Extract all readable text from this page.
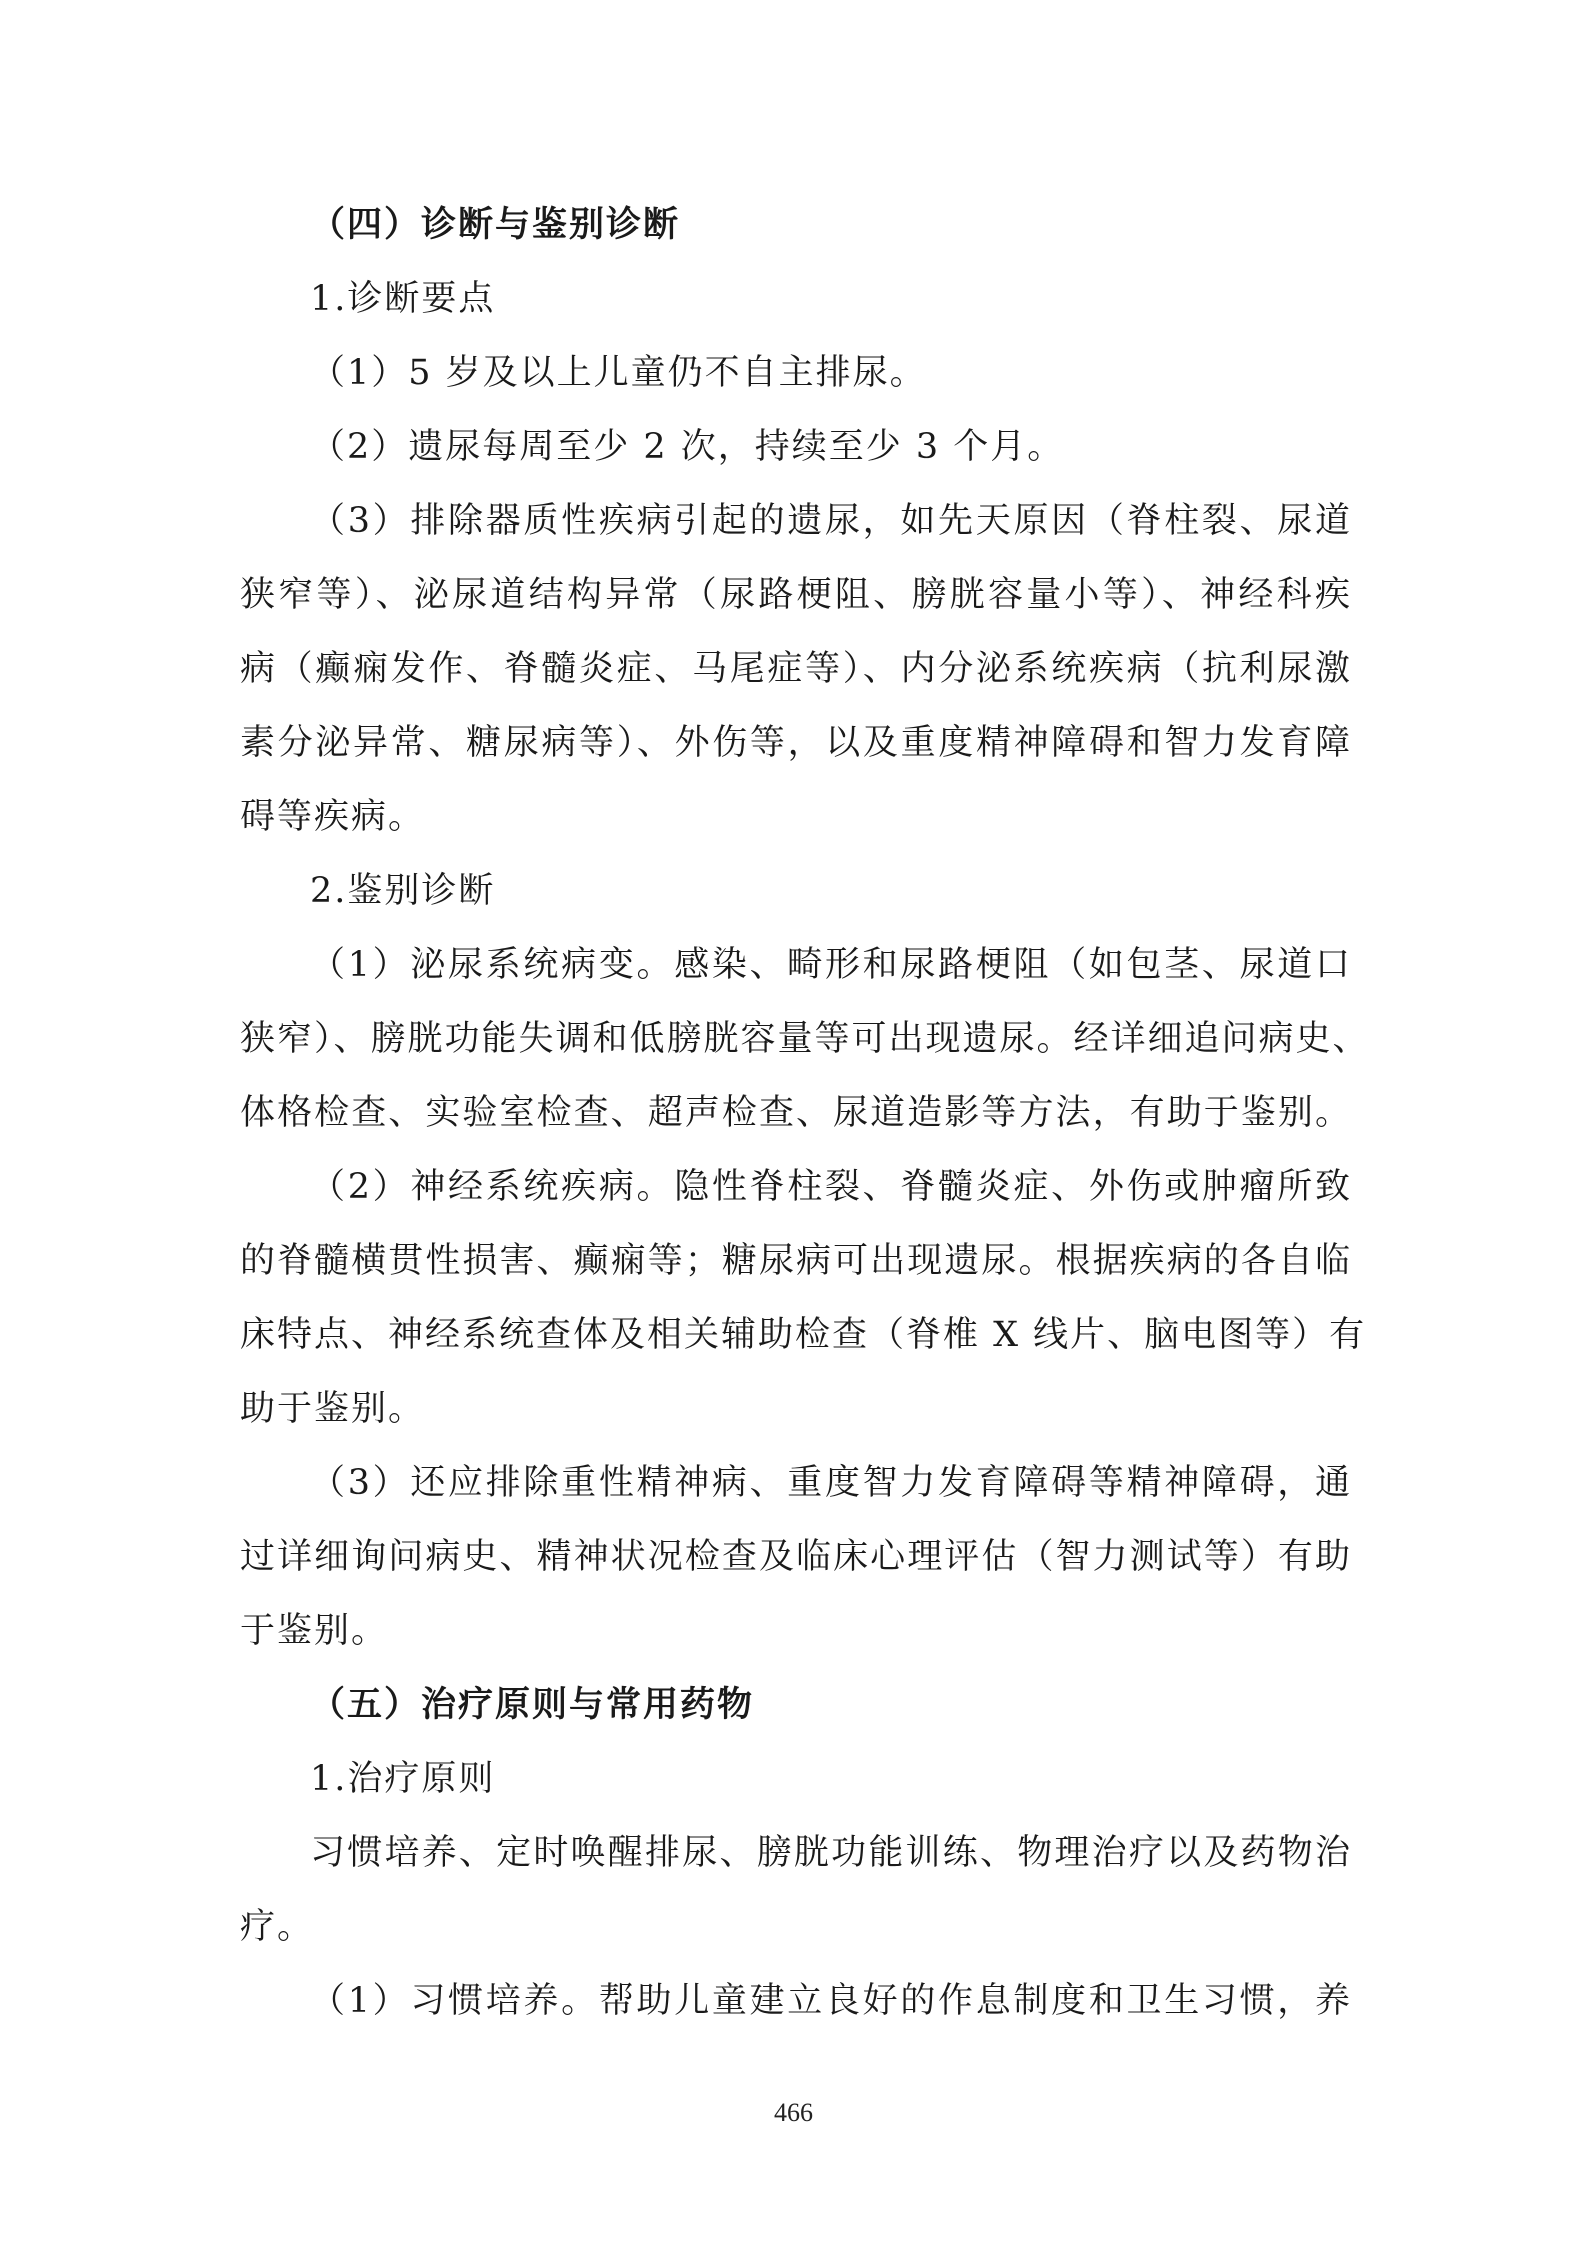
（四）诊断与鉴别诊断
1.诊断要点
（1）5 岁及以上儿童仍不自主排尿。
（2）遗尿每周至少 2 次，持续至少 3 个月。
（3）排除器质性疾病引起的遗尿，如先天原因（脊柱裂、尿道
狭窄等）、泌尿道结构异常（尿路梗阻、膀胱容量小等）、神经科疾
病（癫痫发作、脊髓炎症、马尾症等）、内分泌系统疾病（抗利尿激
素分泌异常、糖尿病等）、外伤等，以及重度精神障碍和智力发育障
碍等疾病。
2.鉴别诊断
（1）泌尿系统病变。感染、畸形和尿路梗阻（如包茎、尿道口
狭窄）、膀胱功能失调和低膀胱容量等可出现遗尿。经详细追问病史、
体格检查、实验室检查、超声检查、尿道造影等方法，有助于鉴别。
（2）神经系统疾病。隐性脊柱裂、脊髓炎症、外伤或肿瘤所致
的脊髓横贯性损害、癫痫等；糖尿病可出现遗尿。根据疾病的各自临
床特点、神经系统查体及相关辅助检查（脊椎 X 线片、脑电图等）有
助于鉴别。
（3）还应排除重性精神病、重度智力发育障碍等精神障碍，通
过详细询问病史、精神状况检查及临床心理评估（智力测试等）有助
于鉴别。
（五）治疗原则与常用药物
1.治疗原则
习惯培养、定时唤醒排尿、膀胱功能训练、物理治疗以及药物治
疗。
（1）习惯培养。帮助儿童建立良好的作息制度和卫生习惯，养
466
